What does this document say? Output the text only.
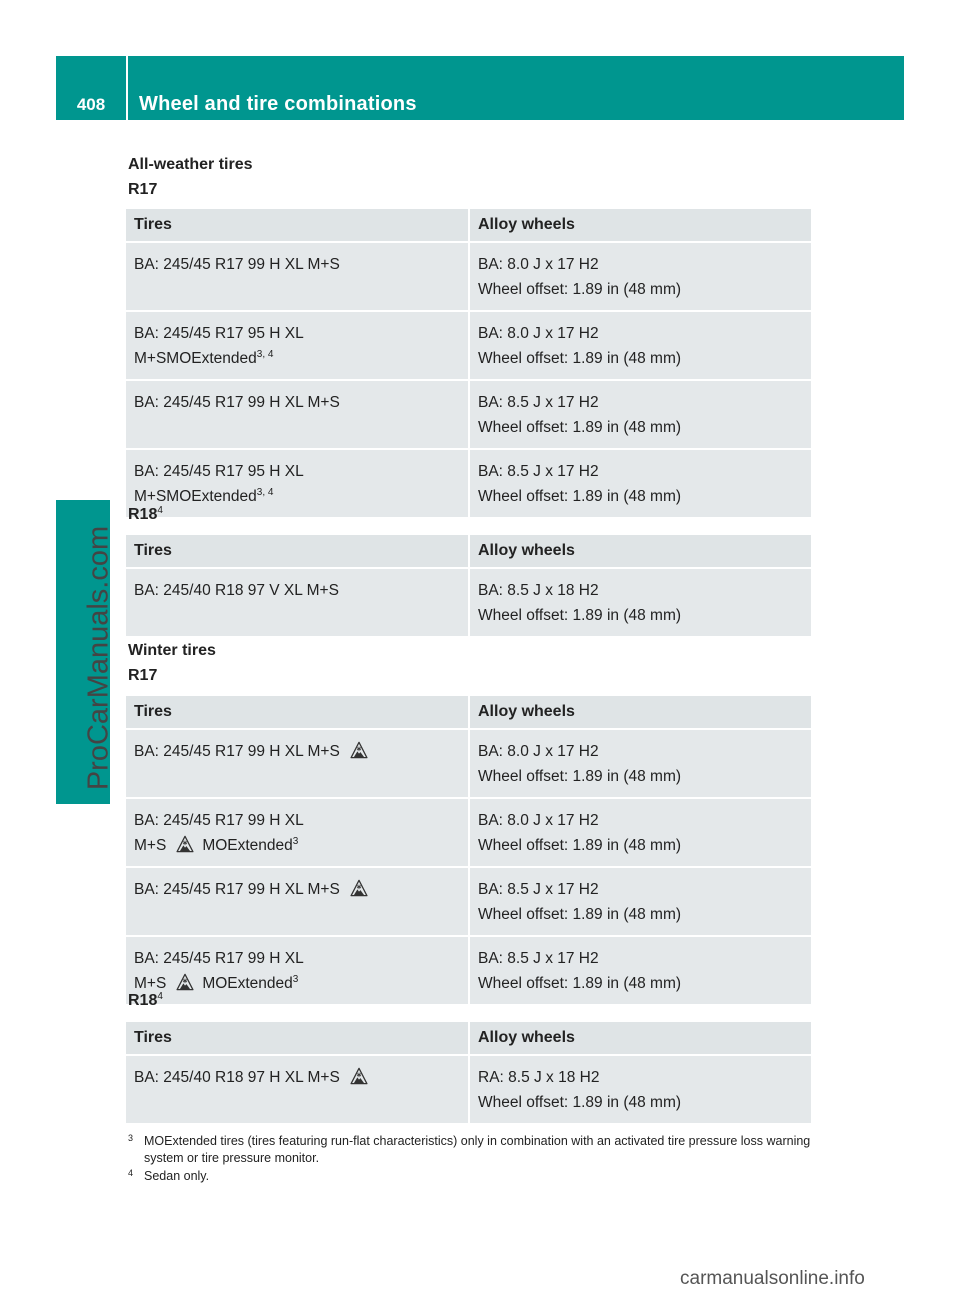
408	Wheel and tire combinations
ProCarManuals.com
All-weather tires
R17
Tires	Alloy wheels
BA: 245/45 R17 99 H XL M+S	BA: 8.0 J x 17 H2
Wheel offset: 1.89 in (48 mm)
BA: 245/45 R17 95 H XL
M+SMOExtended$^{3, 4}$	BA: 8.0 J x 17 H2
Wheel offset: 1.89 in (48 mm)
BA: 245/45 R17 99 H XL M+S	BA: 8.5 J x 17 H2
Wheel offset: 1.89 in (48 mm)
BA: 245/45 R17 95 H XL
M+SMOExtended$^{3, 4}$	BA: 8.5 J x 17 H2
Wheel offset: 1.89 in (48 mm)
$R18^4$
Tires	Alloy wheels
BA: 245/40 R18 97 V XL M+S	BA: 8.5 J x 18 H2
Wheel offset: 1.89 in (48 mm)
Winter tires
R17
Tires	Alloy wheels
BA: 245/45 R17 99 H XL M+S	BA: 8.0 J x 17 H2
Wheel offset: 1.89 in (48 mm)
BA: 245/45 R17 99 H XL
M+S MOExtended$^3$	BA: 8.0 J x 17 H2
Wheel offset: 1.89 in (48 mm)
BA: 245/45 R17 99 H XL M+S	BA: 8.5 J x 17 H2
Wheel offset: 1.89 in (48 mm)
BA: 245/45 R17 99 H XL
M+S MOExtended$^3$	BA: 8.5 J x 17 H2
Wheel offset: 1.89 in (48 mm)
$R18^4$
Tires	Alloy wheels
BA: 245/40 R18 97 H XL M+S	RA: 8.5 J x 18 H2
Wheel offset: 1.89 in (48 mm)
3 MOExtended tires (tires featuring run-flat characteristics) only in combination with an activated tire pressure loss warning system or tire pressure monitor.
4 Sedan only.
carmanualsonline.info
